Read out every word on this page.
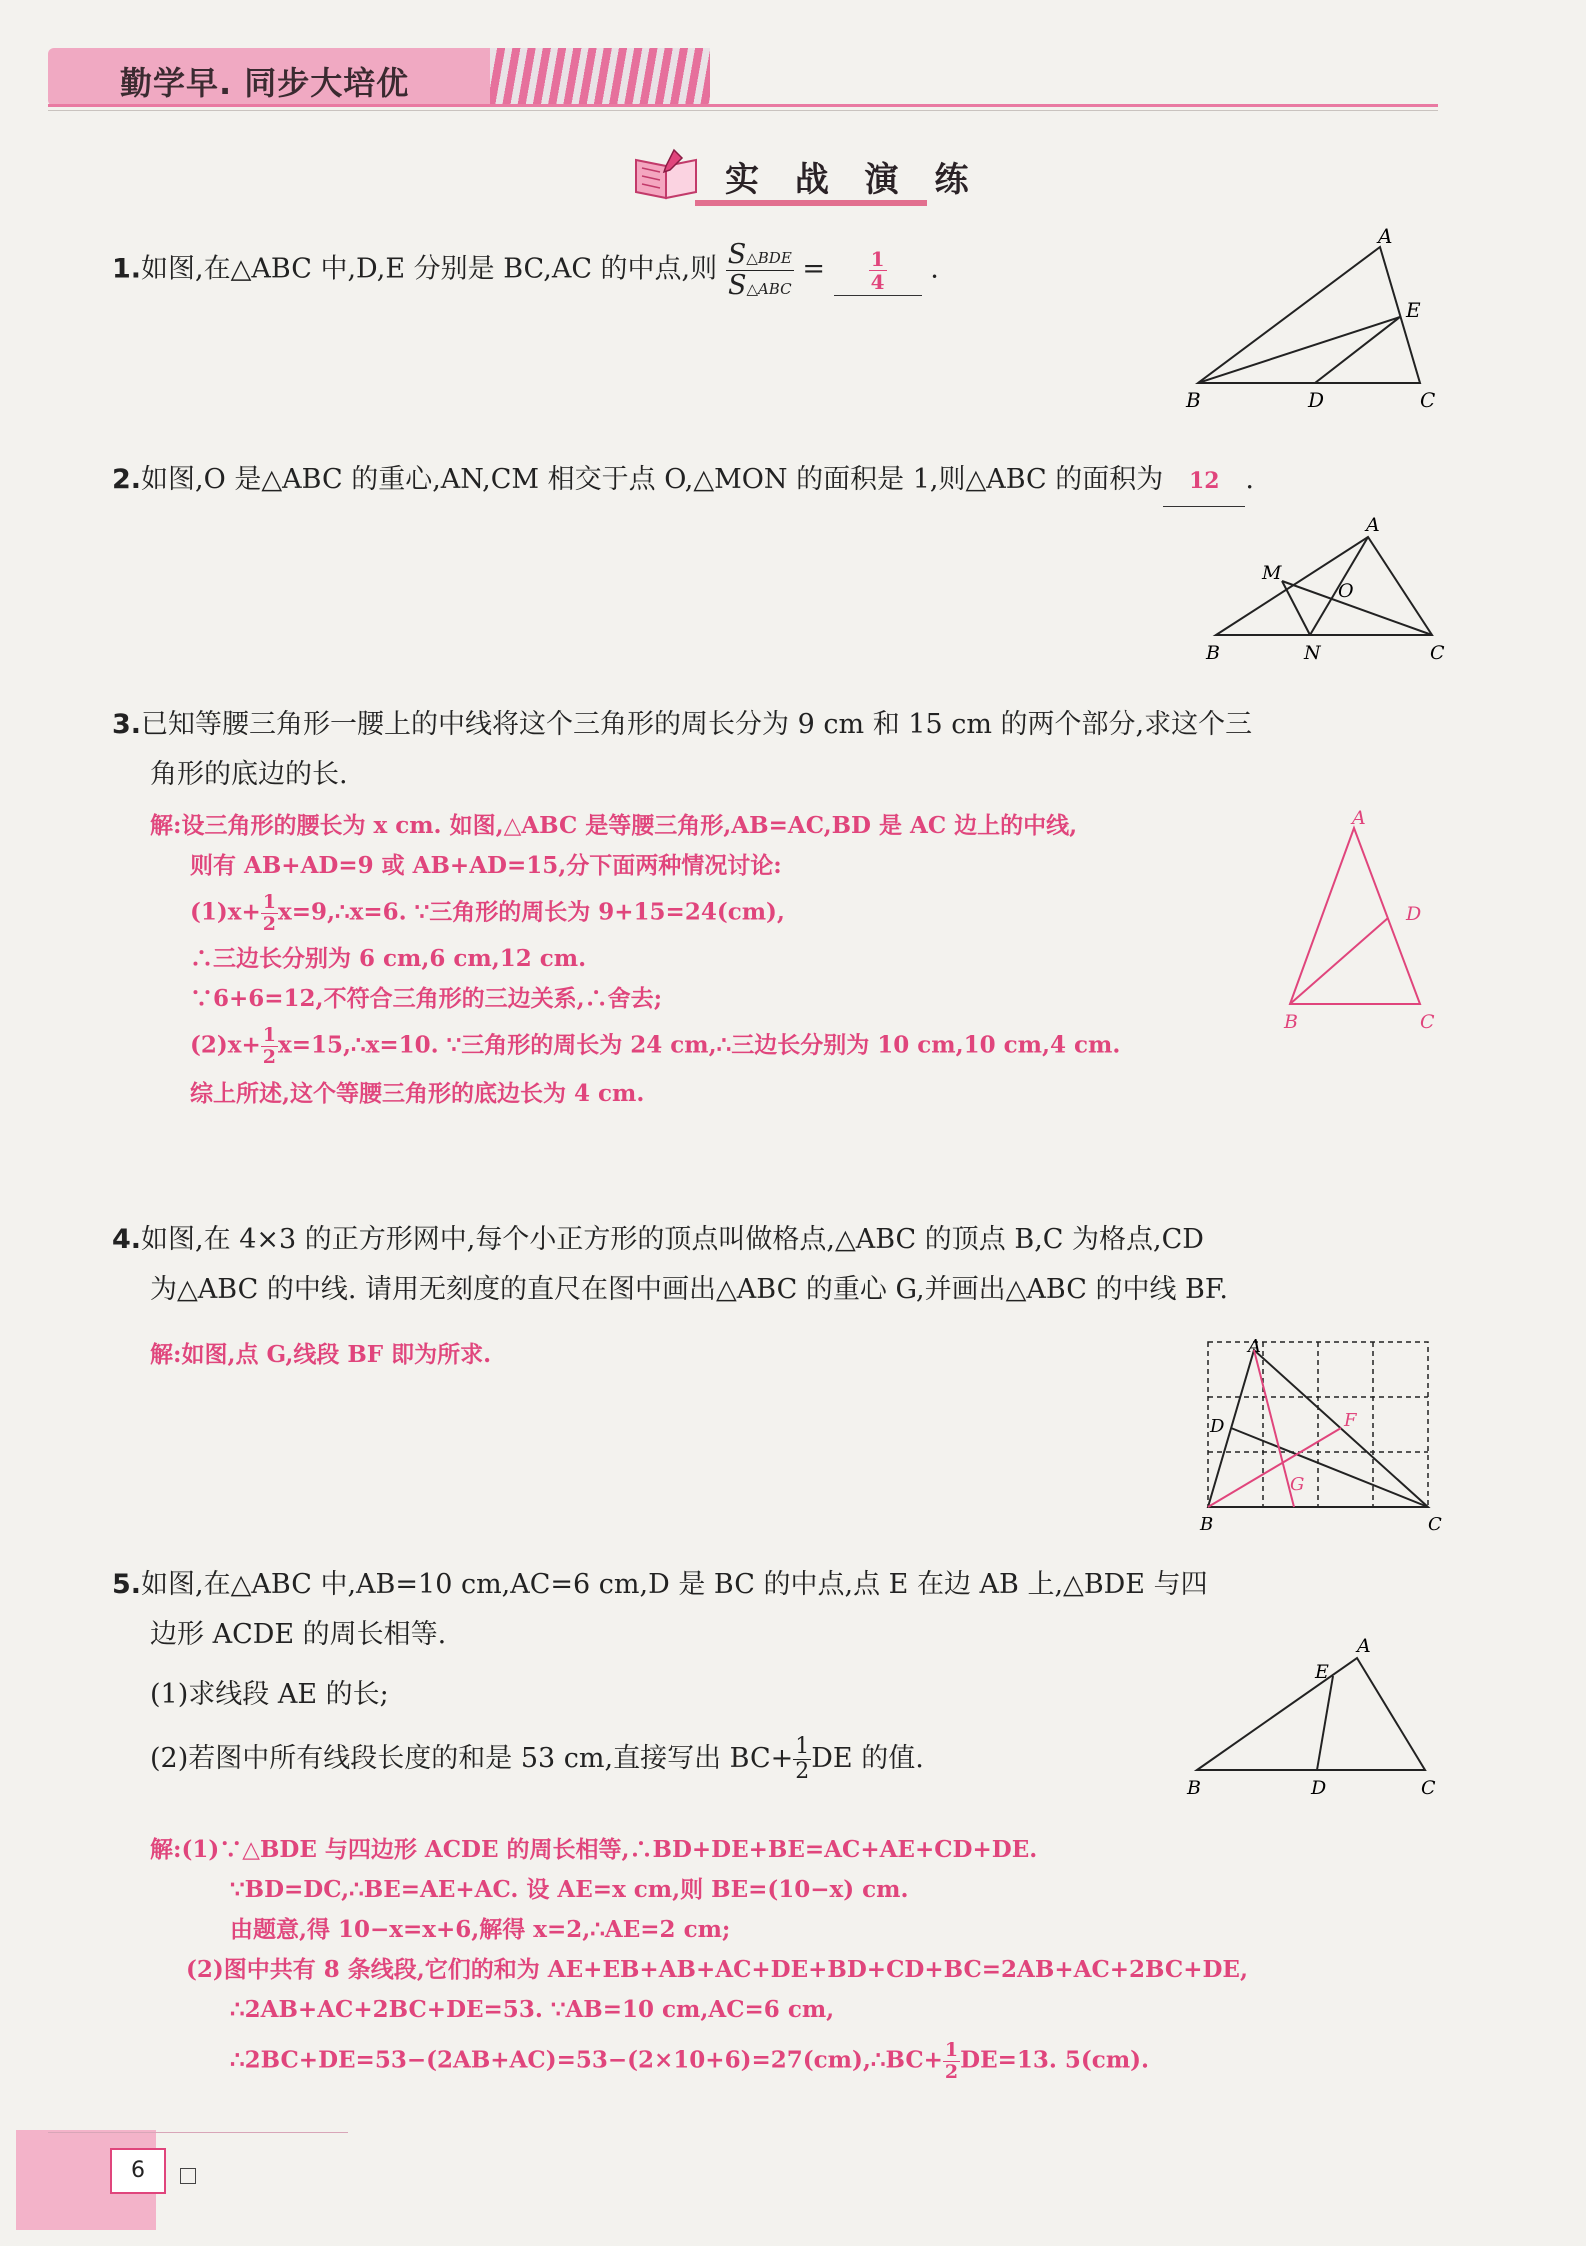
勤学早. 同步大培优
实 战 演 练
1.如图,在△ABC 中,D,E 分别是 BC,AC 的中点,则 $\frac{\text{S△BDE}}{\text{S△ABC}} = \frac{1}{4}$ .
A
B	C
D
E
2.如图,O 是△ABC 的重心,AN,CM 相交于点 O,△MON 的面积是 1,则△ABC 的面积为 12 .
A
B	C
M
N
O
3.已知等腰三角形一腰上的中线将这个三角形的周长分为 9 cm 和 15 cm 的两个部分,求这个三
角形的底边的长.
解:设三角形的腰长为 x cm. 如图,△ABC 是等腰三角形,AB=AC,BD 是 AC 边上的中线,
则有 AB+AD=9 或 AB+AD=15,分下面两种情况讨论:
$(1)x+ \frac{1}{2}$ x=9,∴x=6. ∵三角形的周长为 9+15=24(cm),
∴三边长分别为 6 cm,6 cm,12 cm.
∵6+6=12,不符合三角形的三边关系,∴舍去;
$(2)x+ \frac{1}{2}$ x=15,∴x=10. ∵三角形的周长为 24 cm,∴三边长分别为 10 cm,10 cm,4 cm.
综上所述,这个等腰三角形的底边长为 4 cm.
A
B	C
D
4.如图,在 4×3 的正方形网中,每个小正方形的顶点叫做格点,△ABC 的顶点 B,C 为格点,CD
为△ABC 的中线. 请用无刻度的直尺在图中画出△ABC 的重心 G,并画出△ABC 的中线 BF.
解:如图,点 G,线段 BF 即为所求.	A
B	C
D	F
G
5.如图,在△ABC 中,AB=10 cm,AC=6 cm,D 是 BC 的中点,点 E 在边 AB 上,△BDE 与四
边形 ACDE 的周长相等.
(1)求线段 AE 的长;
(2)若图中所有线段长度的和是 53 cm,直接写出 $BC+ \frac{1}{2}$ DE 的值.
A
B	C
D
E
解:(1)∵△BDE 与四边形 ACDE 的周长相等,∴BD+DE+BE=AC+AE+CD+DE.
∵BD=DC,∴BE=AE+AC. 设 AE=x cm,则 BE=(10−x) cm.
由题意,得 10−x=x+6,解得 x=2,∴AE=2 cm;
(2)图中共有 8 条线段,它们的和为 AE+EB+AB+AC+DE+BD+CD+BC=2AB+AC+2BC+DE,
∴2AB+AC+2BC+DE=53. ∵AB=10 cm,AC=6 cm,
∴2BC+DE=53−(2AB+AC)=53−(2×10+6)=27(cm),∴BC+ $\frac{1}{2} DE=13$. 5(cm).
6
